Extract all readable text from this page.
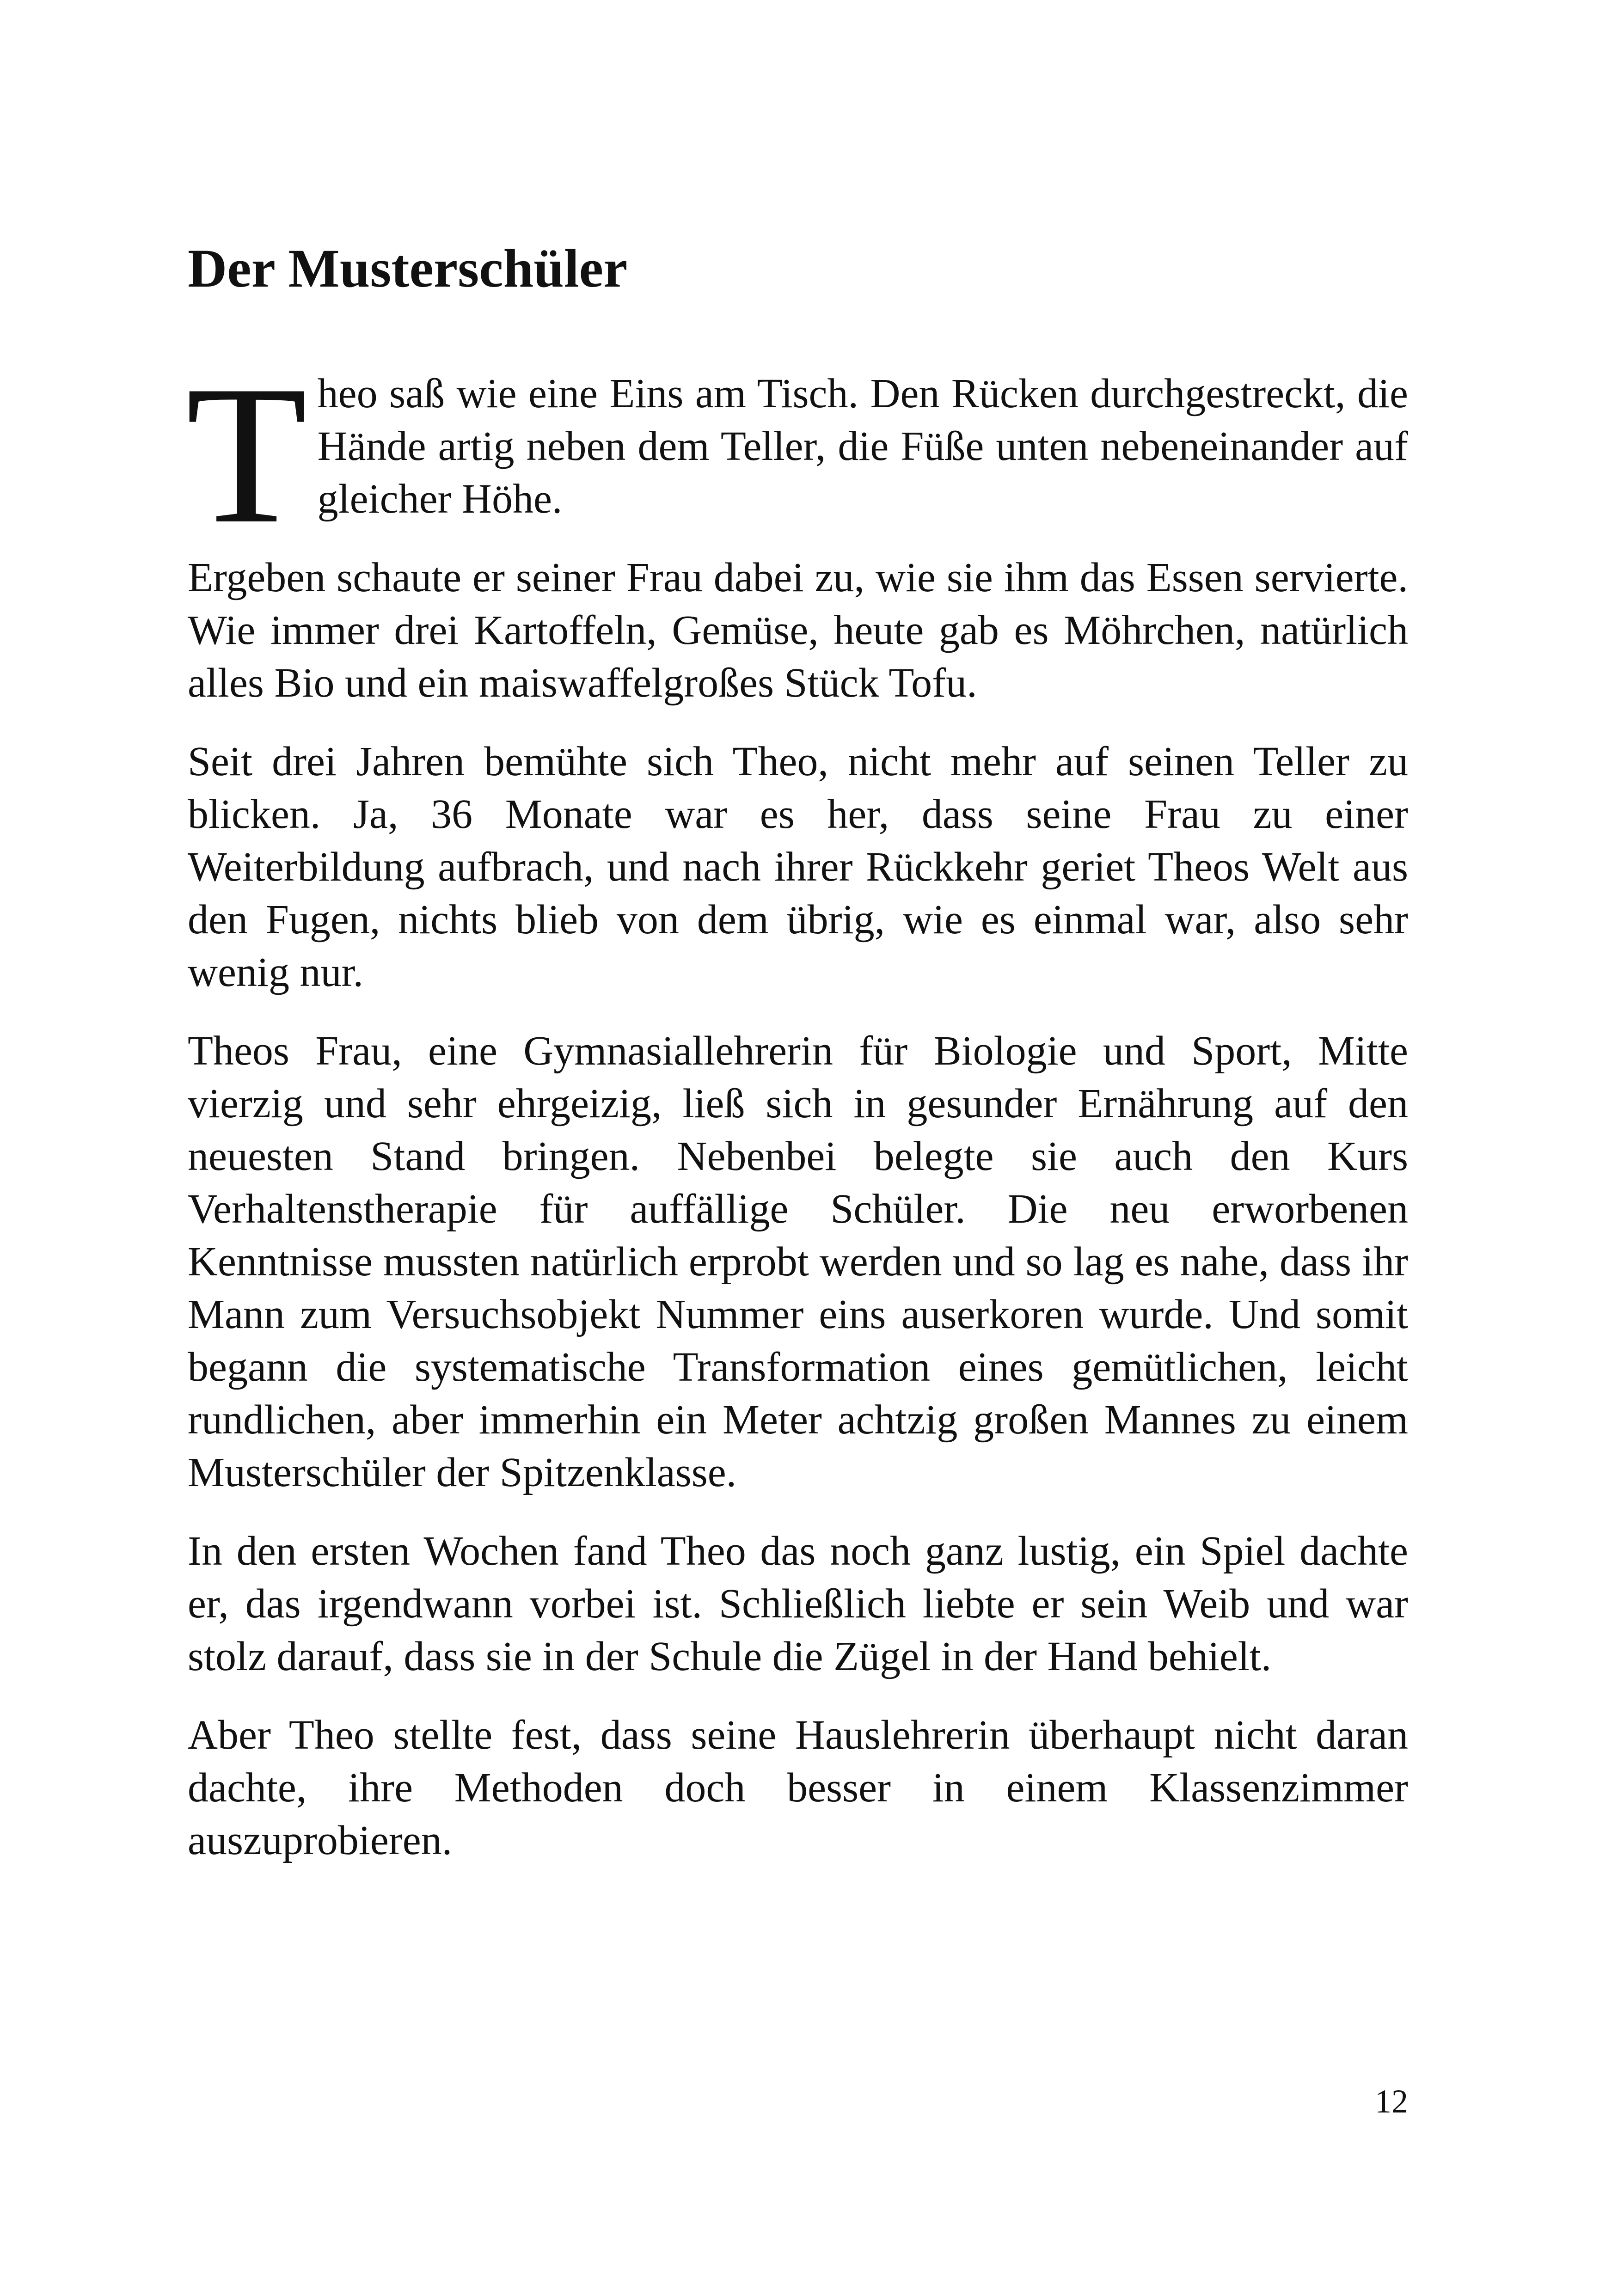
Der Musterschüler

Theo saß wie eine Eins am Tisch. Den Rücken durchgestreckt, die Hände artig neben dem Teller, die Füße unten nebeneinander auf gleicher Höhe.

Ergeben schaute er seiner Frau dabei zu, wie sie ihm das Essen servierte. Wie immer drei Kartoffeln, Gemüse, heute gab es Möhrchen, natürlich alles Bio und ein maiswaffelgroßes Stück Tofu.

Seit drei Jahren bemühte sich Theo, nicht mehr auf seinen Teller zu blicken. Ja, 36 Monate war es her, dass seine Frau zu einer Weiterbildung aufbrach, und nach ihrer Rückkehr geriet Theos Welt aus den Fugen, nichts blieb von dem übrig, wie es einmal war, also sehr wenig nur.

Theos Frau, eine Gymnasiallehrerin für Biologie und Sport, Mitte vierzig und sehr ehrgeizig, ließ sich in gesunder Ernährung auf den neuesten Stand bringen. Nebenbei belegte sie auch den Kurs Verhaltenstherapie für auffällige Schüler. Die neu erworbenen Kenntnisse mussten natürlich erprobt werden und so lag es nahe, dass ihr Mann zum Versuchsobjekt Nummer eins auserkoren wurde. Und somit begann die systematische Transformation eines gemütlichen, leicht rundlichen, aber immerhin ein Meter achtzig großen Mannes zu einem Musterschüler der Spitzenklasse.

In den ersten Wochen fand Theo das noch ganz lustig, ein Spiel dachte er, das irgendwann vorbei ist. Schließlich liebte er sein Weib und war stolz darauf, dass sie in der Schule die Zügel in der Hand behielt.

Aber Theo stellte fest, dass seine Hauslehrerin überhaupt nicht daran dachte, ihre Methoden doch besser in einem Klassenzimmer auszuprobieren.

12
